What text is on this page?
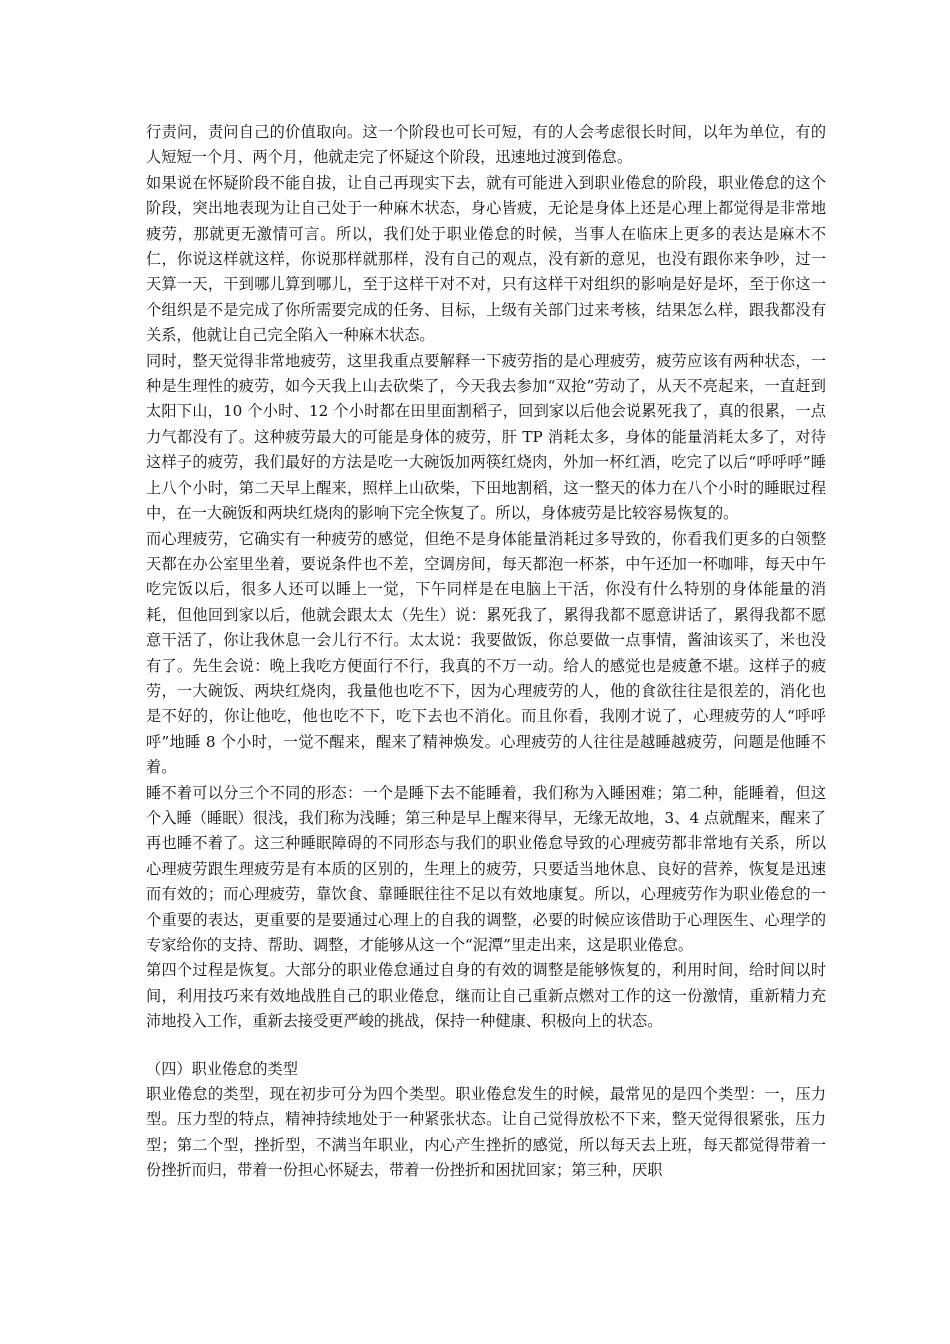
行责问，责问自己的价值取向。这一个阶段也可长可短，有的人会考虑很长时间，以年为单位，有的人短短一个月、两个月，他就走完了怀疑这个阶段，迅速地过渡到倦怠。

如果说在怀疑阶段不能自拔，让自己再现实下去，就有可能进入到职业倦怠的阶段，职业倦怠的这个阶段，突出地表现为让自己处于一种麻木状态，身心皆疲，无论是身体上还是心理上都觉得是非常地疲劳，那就更无激情可言。所以，我们处于职业倦怠的时候，当事人在临床上更多的表达是麻木不仁，你说这样就这样，你说那样就那样，没有自己的观点，没有新的意见，也没有跟你来争吵，过一天算一天，干到哪儿算到哪儿，至于这样干对不对，只有这样干对组织的影响是好是坏，至于你这一个组织是不是完成了你所需要完成的任务、目标，上级有关部门过来考核，结果怎么样，跟我都没有关系，他就让自己完全陷入一种麻木状态。

同时，整天觉得非常地疲劳，这里我重点要解释一下疲劳指的是心理疲劳，疲劳应该有两种状态，一种是生理性的疲劳，如今天我上山去砍柴了，今天我去参加“双抢”劳动了，从天不亮起来，一直赶到太阳下山，10 个小时、12 个小时都在田里面割稻子，回到家以后他会说累死我了，真的很累，一点力气都没有了。这种疲劳最大的可能是身体的疲劳，肝 TP 消耗太多，身体的能量消耗太多了，对待这样子的疲劳，我们最好的方法是吃一大碗饭加两筷红烧肉，外加一杯红酒，吃完了以后“呼呼呼”睡上八个小时，第二天早上醒来，照样上山砍柴，下田地割稻，这一整天的体力在八个小时的睡眠过程中，在一大碗饭和两块红烧肉的影响下完全恢复了。所以，身体疲劳是比较容易恢复的。

而心理疲劳，它确实有一种疲劳的感觉，但绝不是身体能量消耗过多导致的，你看我们更多的白领整天都在办公室里坐着，要说条件也不差，空调房间，每天都泡一杯茶，中午还加一杯咖啡，每天中午吃完饭以后，很多人还可以睡上一觉，下午同样是在电脑上干活，你没有什么特别的身体能量的消耗，但他回到家以后，他就会跟太太（先生）说：累死我了，累得我都不愿意讲话了，累得我都不愿意干活了，你让我休息一会儿行不行。太太说：我要做饭，你总要做一点事情，酱油该买了，米也没有了。先生会说：晚上我吃方便面行不行，我真的不万一动。给人的感觉也是疲惫不堪。这样子的疲劳，一大碗饭、两块红烧肉，我量他也吃不下，因为心理疲劳的人，他的食欲往往是很差的，消化也是不好的，你让他吃，他也吃不下，吃下去也不消化。而且你看，我刚才说了，心理疲劳的人“呼呼呼”地睡 8 个小时，一觉不醒来，醒来了精神焕发。心理疲劳的人往往是越睡越疲劳，问题是他睡不着。

睡不着可以分三个不同的形态：一个是睡下去不能睡着，我们称为入睡困难；第二种，能睡着，但这个入睡（睡眠）很浅，我们称为浅睡；第三种是早上醒来得早，无缘无故地，3、4 点就醒来，醒来了再也睡不着了。这三种睡眠障碍的不同形态与我们的职业倦怠导致的心理疲劳都非常地有关系，所以心理疲劳跟生理疲劳是有本质的区别的，生理上的疲劳，只要适当地休息、良好的营养，恢复是迅速而有效的；而心理疲劳，靠饮食、靠睡眠往往不足以有效地康复。所以，心理疲劳作为职业倦怠的一个重要的表达，更重要的是要通过心理上的自我的调整，必要的时候应该借助于心理医生、心理学的专家给你的支持、帮助、调整，才能够从这一个“泥潭”里走出来，这是职业倦怠。

第四个过程是恢复。大部分的职业倦怠通过自身的有效的调整是能够恢复的，利用时间，给时间以时间，利用技巧来有效地战胜自己的职业倦怠，继而让自己重新点燃对工作的这一份激情，重新精力充沛地投入工作，重新去接受更严峻的挑战，保持一种健康、积极向上的状态。

（四）职业倦怠的类型

职业倦怠的类型，现在初步可分为四个类型。职业倦怠发生的时候，最常见的是四个类型：一，压力型。压力型的特点，精神持续地处于一种紧张状态。让自己觉得放松不下来，整天觉得很紧张，压力型；第二个型，挫折型，不满当年职业，内心产生挫折的感觉，所以每天去上班，每天都觉得带着一份挫折而归，带着一份担心怀疑去，带着一份挫折和困扰回家；第三种，厌职
